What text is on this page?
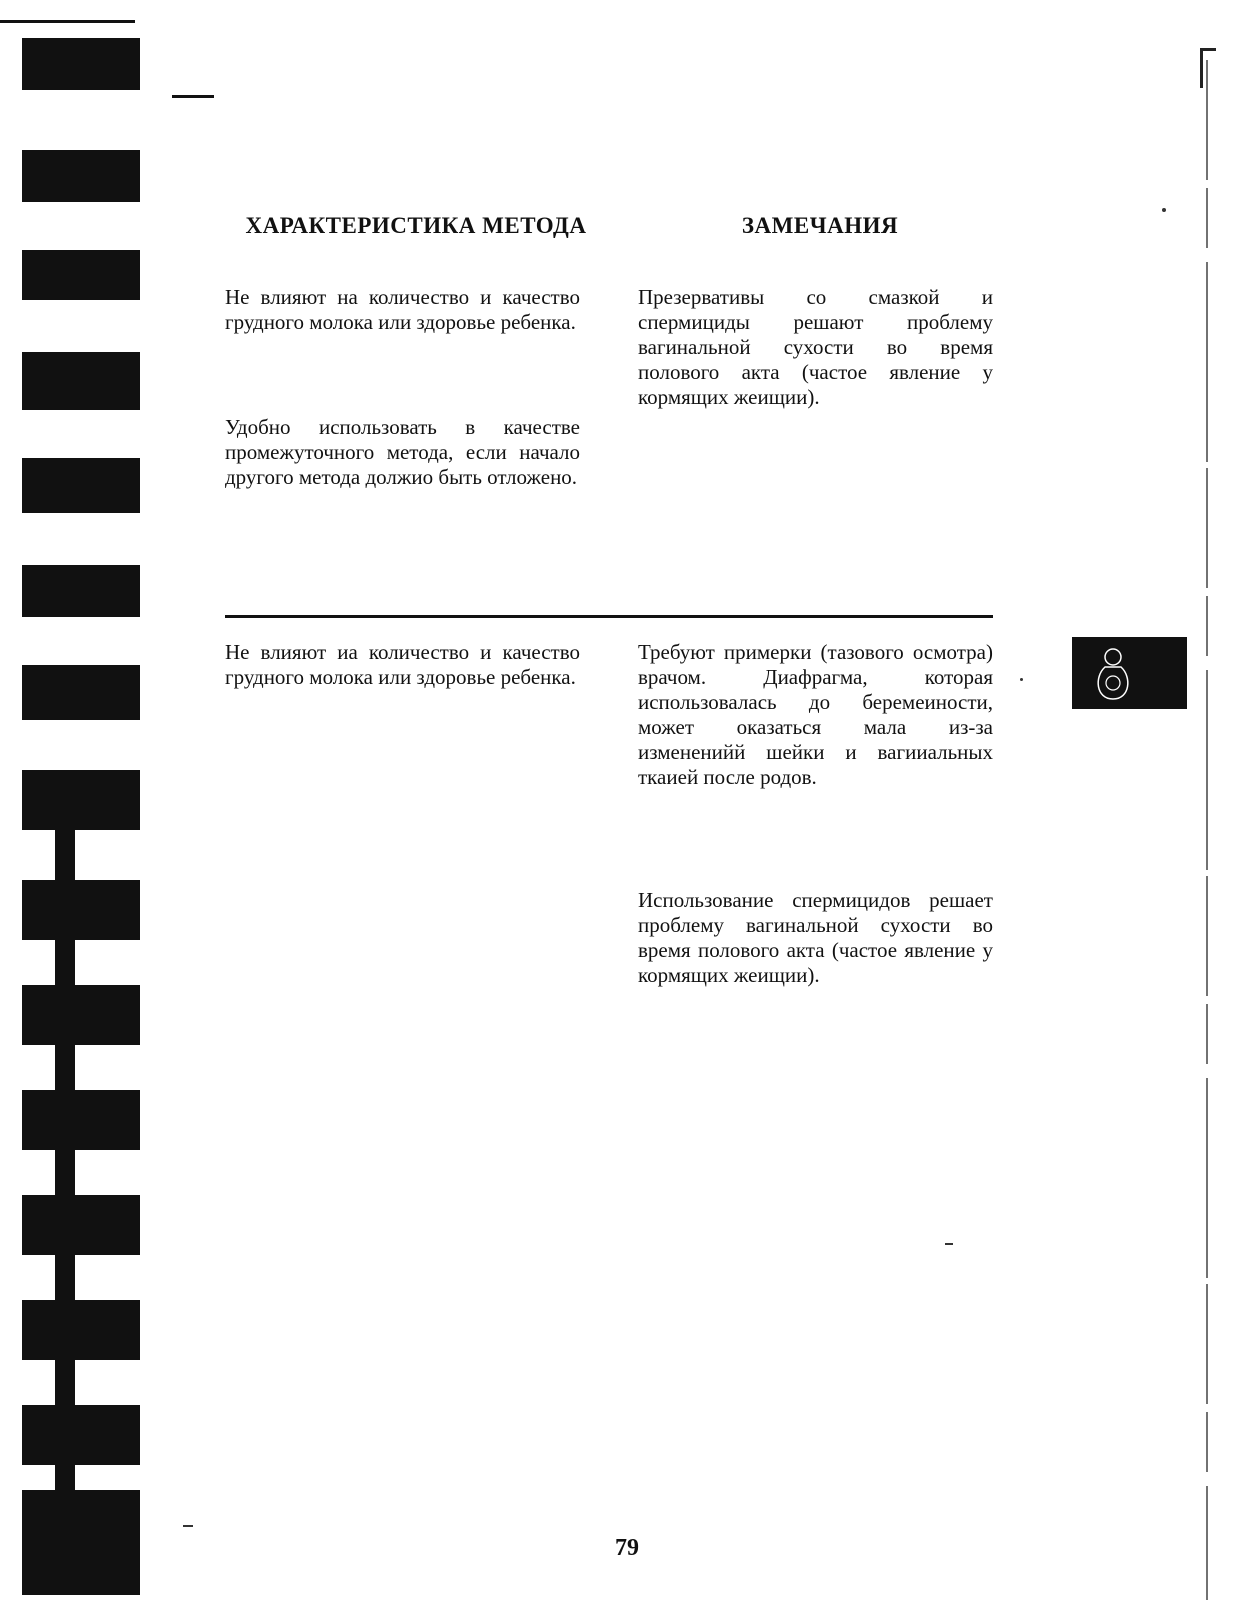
ХАРАКТЕРИСТИКА МЕТОДА	ЗАМЕЧАНИЯ
Не влияют на количество и качество грудного молока или здоровье ребенка.
Удобно использовать в качестве промежуточного метода, если начало другого метода должио быть отложено.
Презервативы со смазкой и спермициды решают проблему вагинальной сухости во время полового акта (частое явление у кормящих жеищии).
Не влияют иа количество и качество грудного молока или здоровье ребенка.
Требуют примерки (тазового осмотра) врачом. Диафрагма, которая использовалась до беремеиности, может оказаться мала из-за измененийй шейки и вагииальных ткаией после родов.
Использование спермицидов решает проблему вагинальной сухости во время полового акта (частое явление у кормящих жеищии).
79
